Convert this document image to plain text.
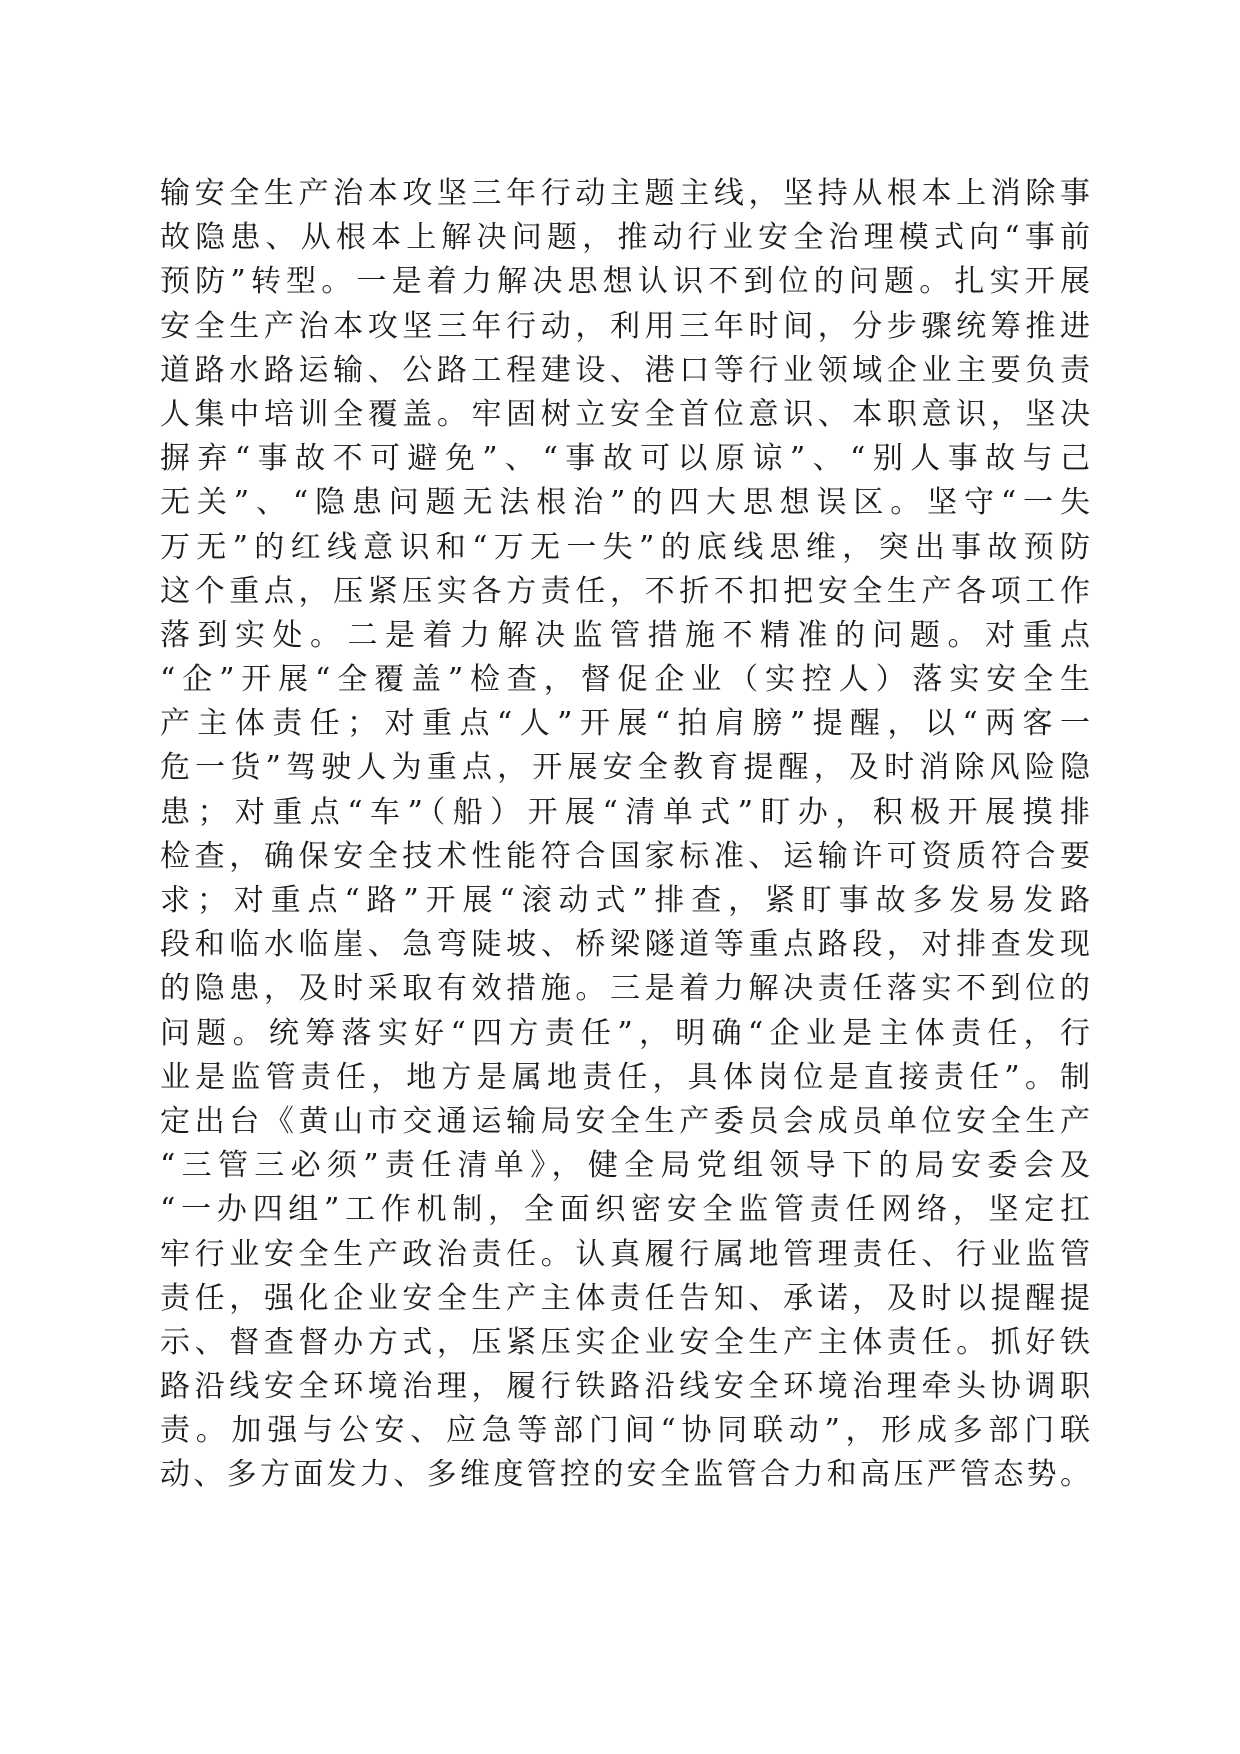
输安全生产治本攻坚三年行动主题主线，坚持从根本上消除事
故隐患、从根本上解决问题，推动行业安全治理模式向“事前
预防”转型。一是着力解决思想认识不到位的问题。扎实开展
安全生产治本攻坚三年行动，利用三年时间，分步骤统筹推进
道路水路运输、公路工程建设、港口等行业领域企业主要负责
人集中培训全覆盖。牢固树立安全首位意识、本职意识，坚决
摒弃“事故不可避免”、“事故可以原谅”、“别人事故与己
无关”、“隐患问题无法根治”的四大思想误区。坚守“一失
万无”的红线意识和“万无一失”的底线思维，突出事故预防
这个重点，压紧压实各方责任，不折不扣把安全生产各项工作
落到实处。二是着力解决监管措施不精准的问题。对重点
“企”开展“全覆盖”检查，督促企业（实控人）落实安全生
产主体责任；对重点“人”开展“拍肩膀”提醒，以“两客一
危一货”驾驶人为重点，开展安全教育提醒，及时消除风险隐
患；对重点“车”（船）开展“清单式”盯办，积极开展摸排
检查，确保安全技术性能符合国家标准、运输许可资质符合要
求；对重点“路”开展“滚动式”排查，紧盯事故多发易发路
段和临水临崖、急弯陡坡、桥梁隧道等重点路段，对排查发现
的隐患，及时采取有效措施。三是着力解决责任落实不到位的
问题。统筹落实好“四方责任”，明确“企业是主体责任，行
业是监管责任，地方是属地责任，具体岗位是直接责任”。制
定出台《黄山市交通运输局安全生产委员会成员单位安全生产
“三管三必须”责任清单》，健全局党组领导下的局安委会及
“一办四组”工作机制，全面织密安全监管责任网络，坚定扛
牢行业安全生产政治责任。认真履行属地管理责任、行业监管
责任，强化企业安全生产主体责任告知、承诺，及时以提醒提
示、督查督办方式，压紧压实企业安全生产主体责任。抓好铁
路沿线安全环境治理，履行铁路沿线安全环境治理牵头协调职
责。加强与公安、应急等部门间“协同联动”，形成多部门联
动、多方面发力、多维度管控的安全监管合力和高压严管态势。
